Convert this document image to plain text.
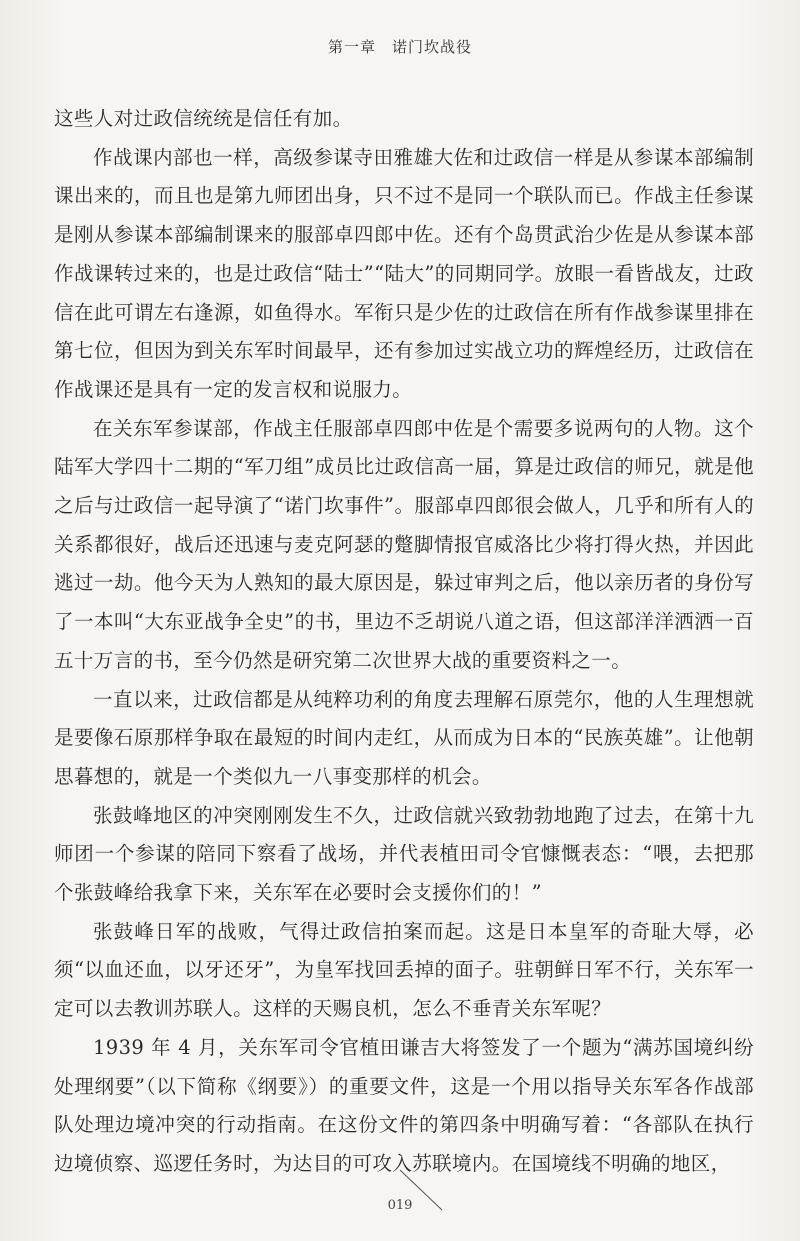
第一章　诺门坎战役

这些人对辻政信统统是信任有加。

作战课内部也一样，高级参谋寺田雅雄大佐和辻政信一样是从参谋本部编制课出来的，而且也是第九师团出身，只不过不是同一个联队而已。作战主任参谋是刚从参谋本部编制课来的服部卓四郎中佐。还有个岛贯武治少佐是从参谋本部作战课转过来的，也是辻政信“陆士”“陆大”的同期同学。放眼一看皆战友，辻政信在此可谓左右逢源，如鱼得水。军衔只是少佐的辻政信在所有作战参谋里排在第七位，但因为到关东军时间最早，还有参加过实战立功的辉煌经历，辻政信在作战课还是具有一定的发言权和说服力。

在关东军参谋部，作战主任服部卓四郎中佐是个需要多说两句的人物。这个陆军大学四十二期的“军刀组”成员比辻政信高一届，算是辻政信的师兄，就是他之后与辻政信一起导演了“诺门坎事件”。服部卓四郎很会做人，几乎和所有人的关系都很好，战后还迅速与麦克阿瑟的蹩脚情报官威洛比少将打得火热，并因此逃过一劫。他今天为人熟知的最大原因是，躲过审判之后，他以亲历者的身份写了一本叫“大东亚战争全史”的书，里边不乏胡说八道之语，但这部洋洋洒洒一百五十万言的书，至今仍然是研究第二次世界大战的重要资料之一。

一直以来，辻政信都是从纯粹功利的角度去理解石原莞尔，他的人生理想就是要像石原那样争取在最短的时间内走红，从而成为日本的“民族英雄”。让他朝思暮想的，就是一个类似九一八事变那样的机会。

张鼓峰地区的冲突刚刚发生不久，辻政信就兴致勃勃地跑了过去，在第十九师团一个参谋的陪同下察看了战场，并代表植田司令官慷慨表态：“喂，去把那个张鼓峰给我拿下来，关东军在必要时会支援你们的！”

张鼓峰日军的战败，气得辻政信拍案而起。这是日本皇军的奇耻大辱，必须“以血还血，以牙还牙”，为皇军找回丢掉的面子。驻朝鲜日军不行，关东军一定可以去教训苏联人。这样的天赐良机，怎么不垂青关东军呢？

1939 年 4 月，关东军司令官植田谦吉大将签发了一个题为“满苏国境纠纷处理纲要”（以下简称《纲要》）的重要文件，这是一个用以指导关东军各作战部队处理边境冲突的行动指南。在这份文件的第四条中明确写着：“各部队在执行边境侦察、巡逻任务时，为达目的可攻入苏联境内。在国境线不明确的地区，

019
